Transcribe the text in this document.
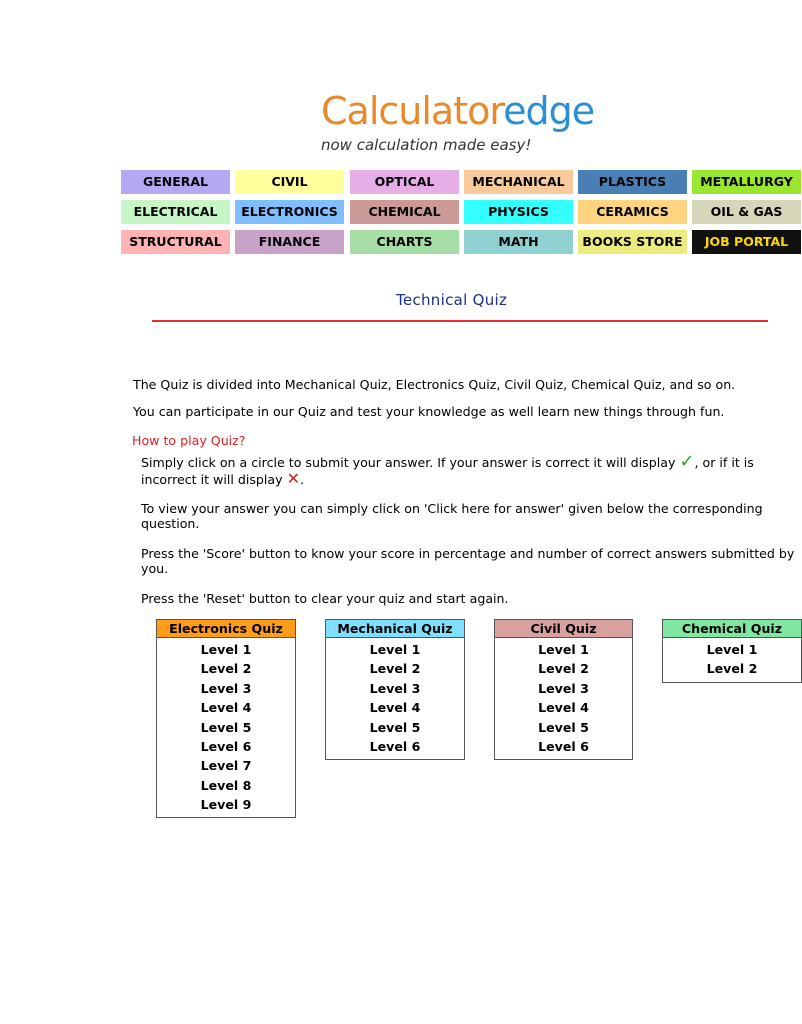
Calculatoredge
now calculation made easy!
GENERAL	CIVIL	OPTICAL	MECHANICAL	PLASTICS	METALLURGY
ELECTRICAL	ELECTRONICS	CHEMICAL	PHYSICS	CERAMICS	OIL & GAS
STRUCTURAL	FINANCE	CHARTS	MATH	BOOKS STORE	JOB PORTAL
Technical Quiz
The Quiz is divided into Mechanical Quiz, Electronics Quiz, Civil Quiz, Chemical Quiz, and so on.
You can participate in our Quiz and test your knowledge as well learn new things through fun.
How to play Quiz?
Simply click on a circle to submit your answer. If your answer is correct it will display ✓, or if it is
incorrect it will display ✕.
To view your answer you can simply click on 'Click here for answer' given below the corresponding
question.
Press the 'Score' button to know your score in percentage and number of correct answers submitted by
you.
Press the 'Reset' button to clear your quiz and start again.
Electronics Quiz
Level 1
Level 2
Level 3
Level 4
Level 5
Level 6
Level 7
Level 8
Level 9
Mechanical Quiz
Level 1
Level 2
Level 3
Level 4
Level 5
Level 6
Civil Quiz
Level 1
Level 2
Level 3
Level 4
Level 5
Level 6
Chemical Quiz
Level 1
Level 2
